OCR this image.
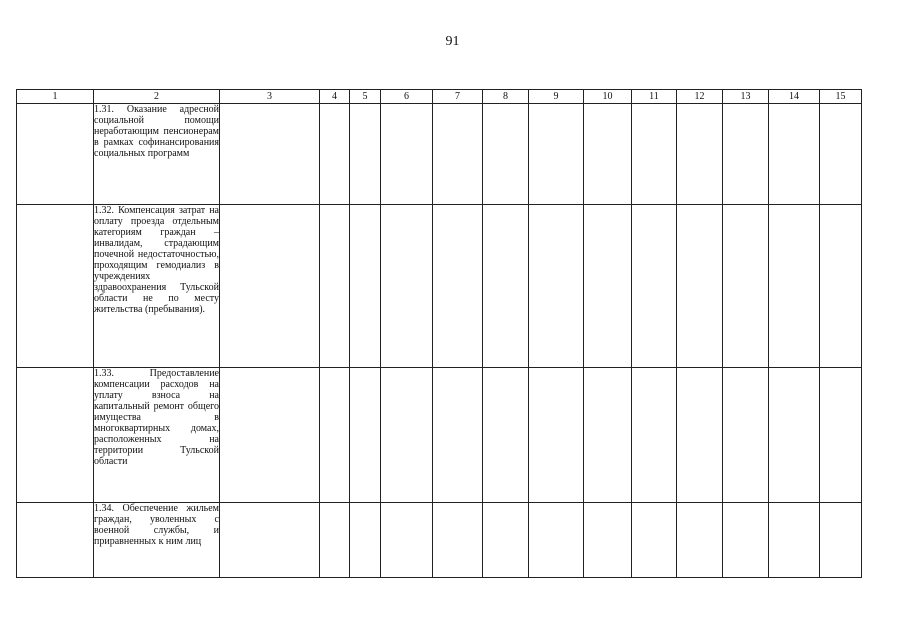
91
1	2	3	4	5	6	7	8	9	10	11	12	13	14	15

	1.31. Оказание адресной социальной помощи неработающим пенсионерам в рамках софинансирования социальных программ													

	1.32. Компенсация затрат на оплату проезда отдельным категориям граждан – инвалидам, страдающим почечной недостаточностью, проходящим гемодиализ в учреждениях здравоохранения Тульской области не по месту жительства (пребывания).													

	1.33. Предоставление компенсации расходов на уплату взноса на капитальный ремонт общего имущества в многоквартирных домах, расположенных на территории Тульской области													

	1.34. Обеспечение жильем граждан, уволенных с военной службы, и приравненных к ним лиц													
